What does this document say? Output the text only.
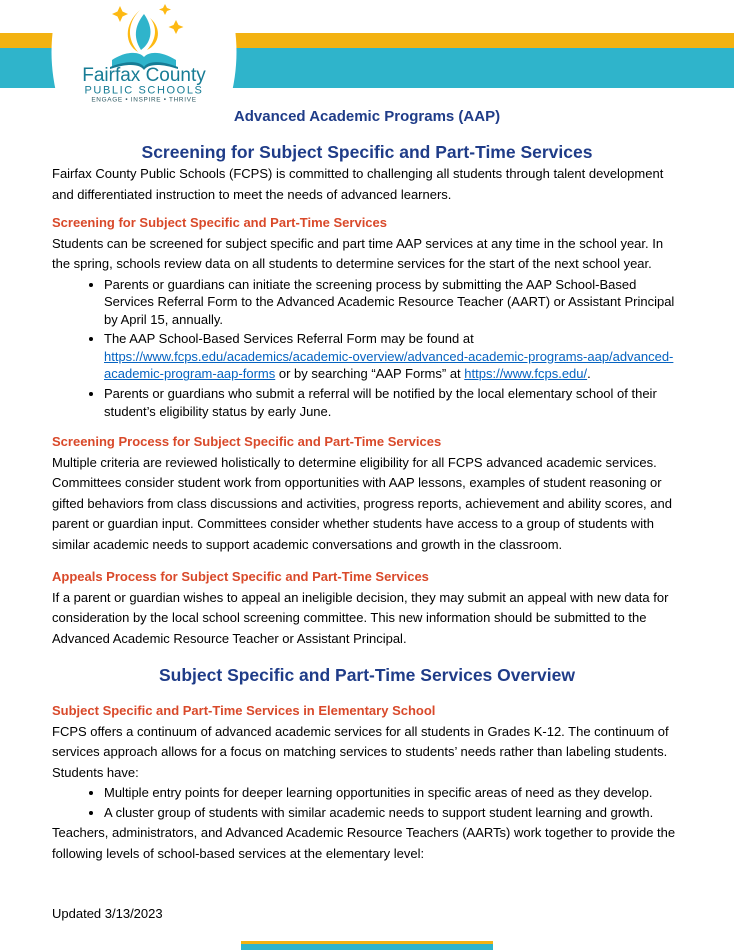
Fairfax County
PUBLIC SCHOOLS
ENGAGE • INSPIRE • THRIVE
Advanced Academic Programs (AAP)
Screening for Subject Specific and Part-Time Services

Fairfax County Public Schools (FCPS) is committed to challenging all students through talent development and differentiated instruction to meet the needs of advanced learners.

Screening for Subject Specific and Part-Time Services

Students can be screened for subject specific and part time AAP services at any time in the school year. In the spring, schools review data on all students to determine services for the start of the next school year.

• Parents or guardians can initiate the screening process by submitting the AAP School-Based Services Referral Form to the Advanced Academic Resource Teacher (AART) or Assistant Principal by April 15, annually.
• The AAP School-Based Services Referral Form may be found at https://www.fcps.edu/academics/academic-overview/advanced-academic-programs-aap/advanced-academic-program-aap-forms or by searching “AAP Forms” at https://www.fcps.edu/.
• Parents or guardians who submit a referral will be notified by the local elementary school of their student’s eligibility status by early June.
Screening Process for Subject Specific and Part-Time Services

Multiple criteria are reviewed holistically to determine eligibility for all FCPS advanced academic services. Committees consider student work from opportunities with AAP lessons, examples of student reasoning or gifted behaviors from class discussions and activities, progress reports, achievement and ability scores, and parent or guardian input. Committees consider whether students have access to a group of students with similar academic needs to support academic conversations and growth in the classroom.

Appeals Process for Subject Specific and Part-Time Services

If a parent or guardian wishes to appeal an ineligible decision, they may submit an appeal with new data for consideration by the local school screening committee. This new information should be submitted to the Advanced Academic Resource Teacher or Assistant Principal.

Subject Specific and Part-Time Services Overview
Subject Specific and Part-Time Services in Elementary School

FCPS offers a continuum of advanced academic services for all students in Grades K-12. The continuum of services approach allows for a focus on matching services to students’ needs rather than labeling students. Students have:

• Multiple entry points for deeper learning opportunities in specific areas of need as they develop.
• A cluster group of students with similar academic needs to support student learning and growth.

Teachers, administrators, and Advanced Academic Resource Teachers (AARTs) work together to provide the following levels of school-based services at the elementary level:

Updated 3/13/2023
